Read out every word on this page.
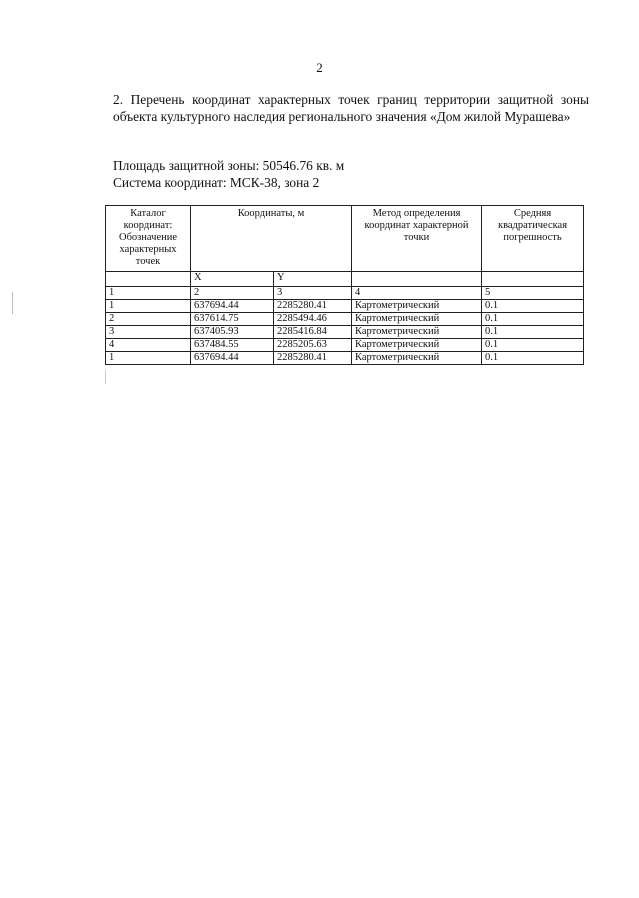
2
2. Перечень координат характерных точек границ территории защитной зоны объекта культурного наследия регионального значения «Дом жилой Мурашева»
Площадь защитной зоны: 50546.76 кв. м
Система координат: МСК-38, зона 2
Каталог координат: Обозначение характерных точек	Координаты, м		Метод определения координат характерной точки	Средняя квадратическая погрешность
	X	Y		
1	2	3	4	5
1	637694.44	2285280.41	Картометрический	0.1
2	637614.75	2285494.46	Картометрический	0.1
3	637405.93	2285416.84	Картометрический	0.1
4	637484.55	2285205.63	Картометрический	0.1
1	637694.44	2285280.41	Картометрический	0.1
